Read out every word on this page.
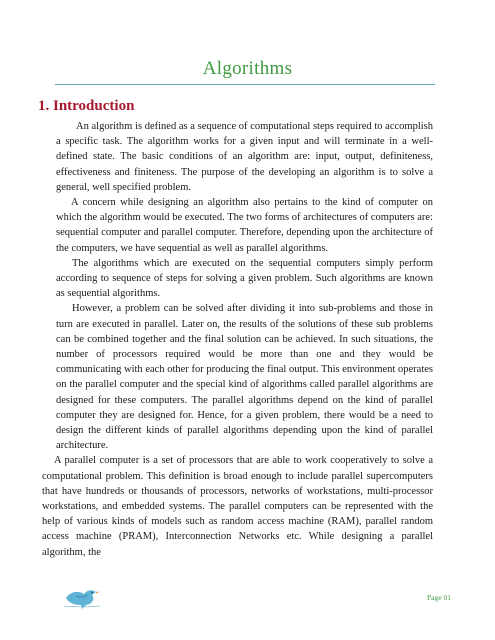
Algorithms
1. Introduction

An algorithm is defined as a sequence of computational steps required to accomplish a specific task. The algorithm works for a given input and will terminate in a well-defined state. The basic conditions of an algorithm are: input, output, definiteness, effectiveness and finiteness. The purpose of the developing an algorithm is to solve a general, well specified problem.

A concern while designing an algorithm also pertains to the kind of computer on which the algorithm would be executed. The two forms of architectures of computers are: sequential computer and parallel computer. Therefore, depending upon the architecture of the computers, we have sequential as well as parallel algorithms.

The algorithms which are executed on the sequential computers simply perform according to sequence of steps for solving a given problem. Such algorithms are known as sequential algorithms.

However, a problem can be solved after dividing it into sub-problems and those in turn are executed in parallel. Later on, the results of the solutions of these sub problems can be combined together and the final solution can be achieved. In such situations, the number of processors required would be more than one and they would be communicating with each other for producing the final output. This environment operates on the parallel computer and the special kind of algorithms called parallel algorithms are designed for these computers. The parallel algorithms depend on the kind of parallel computer they are designed for. Hence, for a given problem, there would be a need to design the different kinds of parallel algorithms depending upon the kind of parallel architecture.

A parallel computer is a set of processors that are able to work cooperatively to solve a computational problem. This definition is broad enough to include parallel supercomputers that have hundreds or thousands of processors, networks of workstations, multi-processor workstations, and embedded systems. The parallel computers can be represented with the help of various kinds of models such as random access machine (RAM), parallel random access machine (PRAM), Interconnection Networks etc. While designing a parallel algorithm, the

Page 01
